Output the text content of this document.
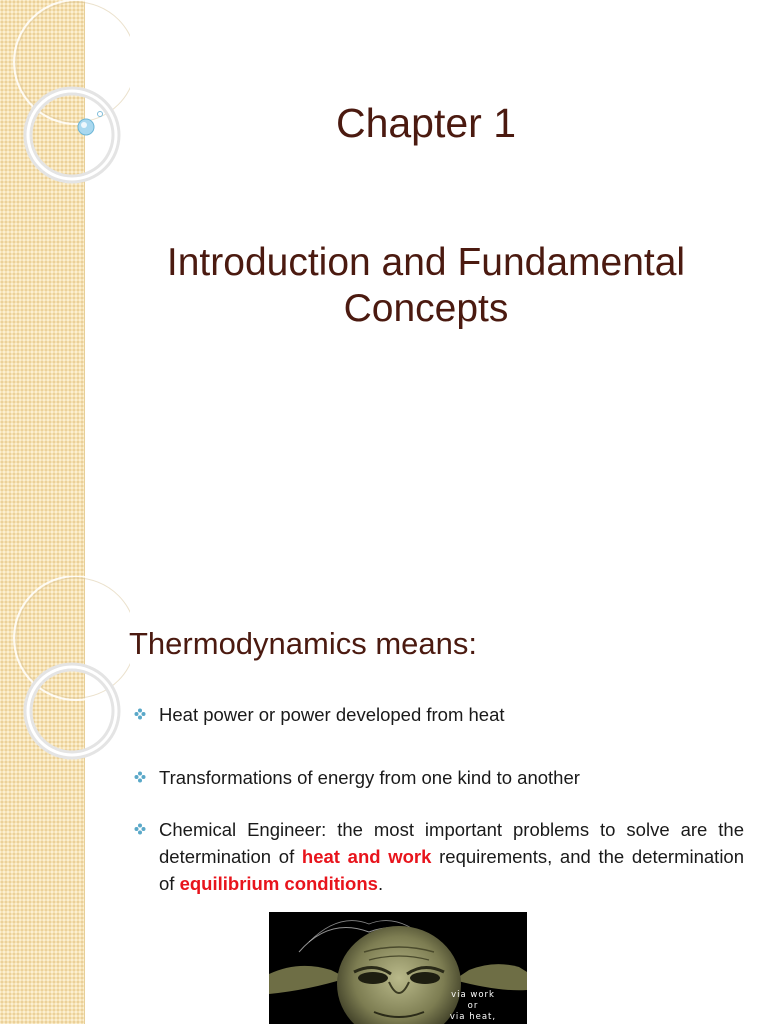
Chapter 1
Introduction and Fundamental Concepts
Thermodynamics means:
Heat power or power developed from heat
Transformations of energy from one kind to another
Chemical Engineer: the most important problems to solve are the determination of heat and work requirements, and the determination of equilibrium conditions.
via work
or
via heat,
